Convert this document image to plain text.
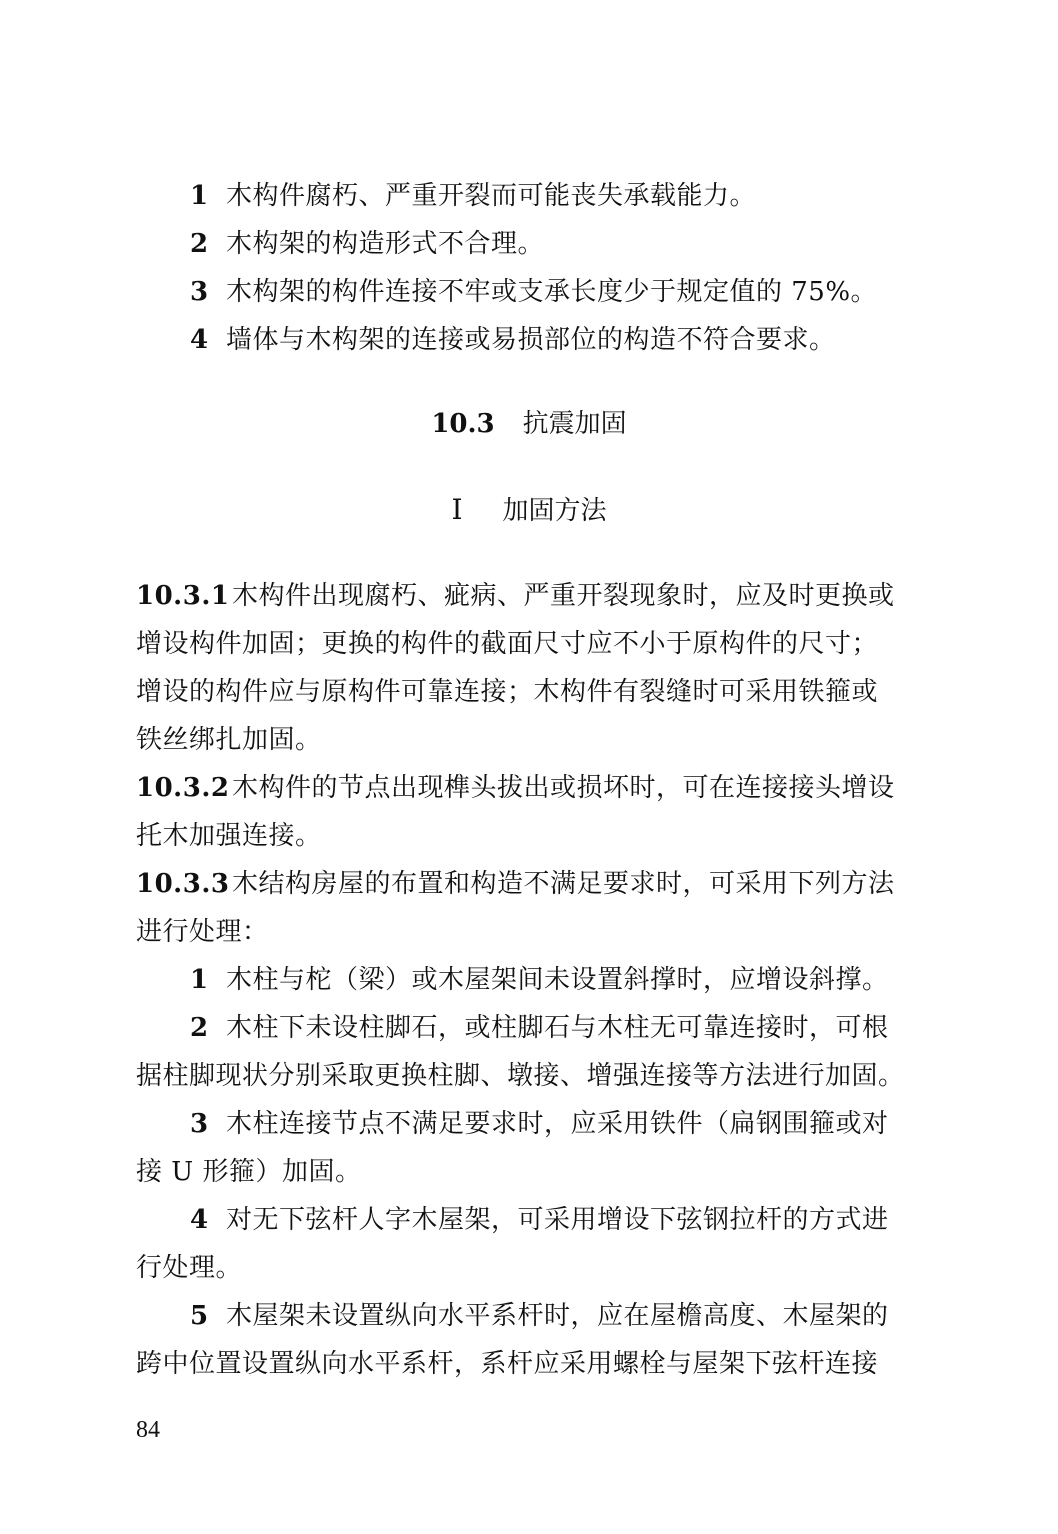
1 木构件腐朽、严重开裂而可能丧失承载能力。
2 木构架的构造形式不合理。
3 木构架的构件连接不牢或支承长度少于规定值的 75%。
4 墙体与木构架的连接或易损部位的构造不符合要求。
10.3 抗震加固
I 加固方法
10.3.1木构件出现腐朽、疵病、严重开裂现象时，应及时更换或
增设构件加固；更换的构件的截面尺寸应不小于原构件的尺寸；
增设的构件应与原构件可靠连接；木构件有裂缝时可采用铁箍或
铁丝绑扎加固。
10.3.2木构件的节点出现榫头拔出或损坏时，可在连接接头增设
托木加强连接。
10.3.3木结构房屋的布置和构造不满足要求时，可采用下列方法
进行处理：
1 木柱与柁（梁）或木屋架间未设置斜撑时，应增设斜撑。
2 木柱下未设柱脚石，或柱脚石与木柱无可靠连接时，可根
据柱脚现状分别采取更换柱脚、墩接、增强连接等方法进行加固。
3 木柱连接节点不满足要求时，应采用铁件（扁钢围箍或对
接 U 形箍）加固。
4 对无下弦杆人字木屋架，可采用增设下弦钢拉杆的方式进
行处理。
5 木屋架未设置纵向水平系杆时，应在屋檐高度、木屋架的
跨中位置设置纵向水平系杆，系杆应采用螺栓与屋架下弦杆连接
84
